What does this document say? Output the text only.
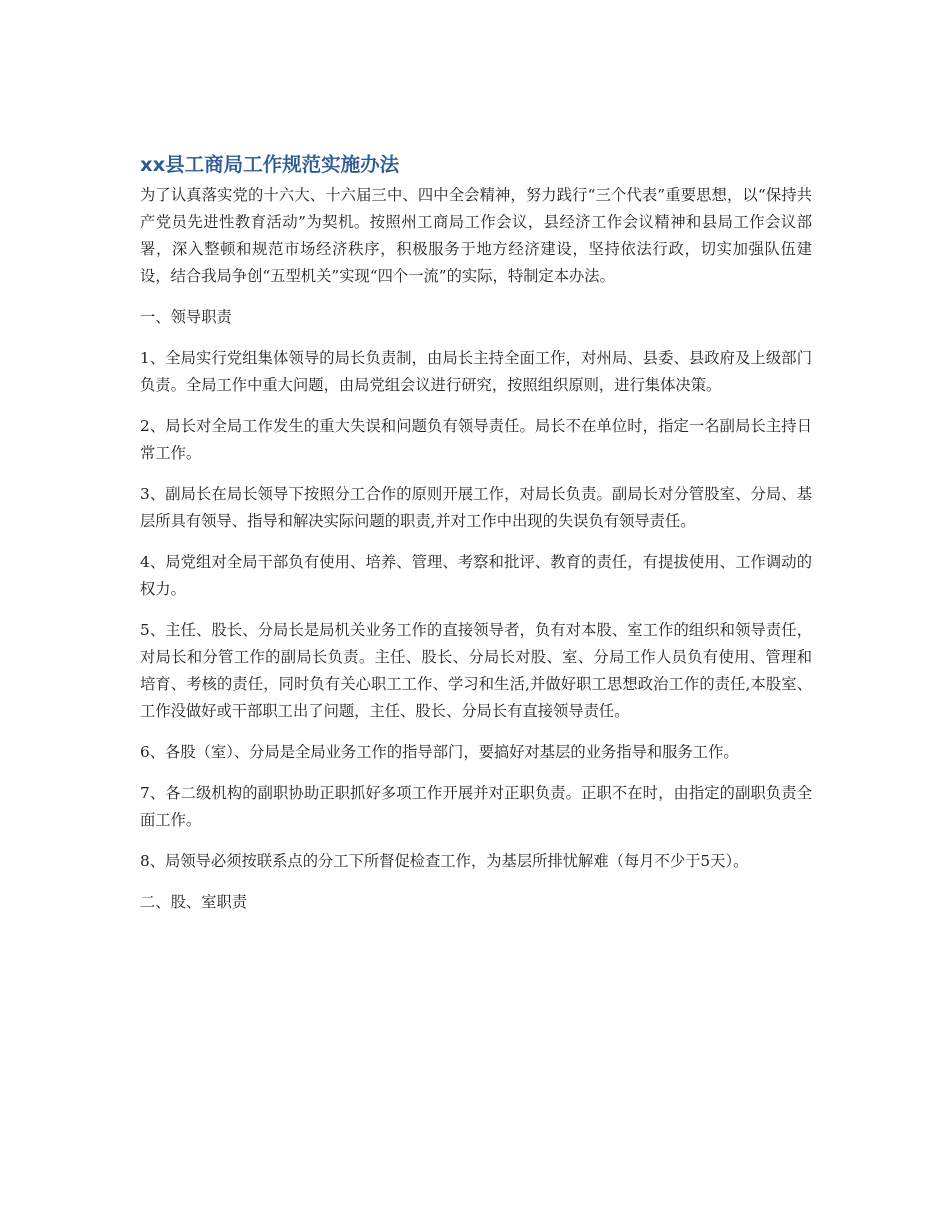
xx县工商局工作规范实施办法

为了认真落实党的十六大、十六届三中、四中全会精神，努力践行“三个代表”重要思想，以“保持共产党员先进性教育活动”为契机。按照州工商局工作会议，县经济工作会议精神和县局工作会议部署，深入整顿和规范市场经济秩序，积极服务于地方经济建设，坚持依法行政，切实加强队伍建设，结合我局争创“五型机关”实现“四个一流”的实际，特制定本办法。

一、领导职责

1、全局实行党组集体领导的局长负责制，由局长主持全面工作，对州局、县委、县政府及上级部门负责。全局工作中重大问题，由局党组会议进行研究，按照组织原则，进行集体决策。

2、局长对全局工作发生的重大失误和问题负有领导责任。局长不在单位时，指定一名副局长主持日常工作。

3、副局长在局长领导下按照分工合作的原则开展工作，对局长负责。副局长对分管股室、分局、基层所具有领导、指导和解决实际问题的职责,并对工作中出现的失误负有领导责任。

4、局党组对全局干部负有使用、培养、管理、考察和批评、教育的责任，有提拔使用、工作调动的权力。

5、主任、股长、分局长是局机关业务工作的直接领导者，负有对本股、室工作的组织和领导责任，对局长和分管工作的副局长负责。主任、股长、分局长对股、室、分局工作人员负有使用、管理和培育、考核的责任，同时负有关心职工工作、学习和生活,并做好职工思想政治工作的责任,本股室、工作没做好或干部职工出了问题，主任、股长、分局长有直接领导责任。

6、各股（室）、分局是全局业务工作的指导部门，要搞好对基层的业务指导和服务工作。

7、各二级机构的副职协助正职抓好多项工作开展并对正职负责。正职不在时，由指定的副职负责全面工作。

8、局领导必须按联系点的分工下所督促检查工作，为基层所排忧解难（每月不少于5天）。

二、股、室职责
